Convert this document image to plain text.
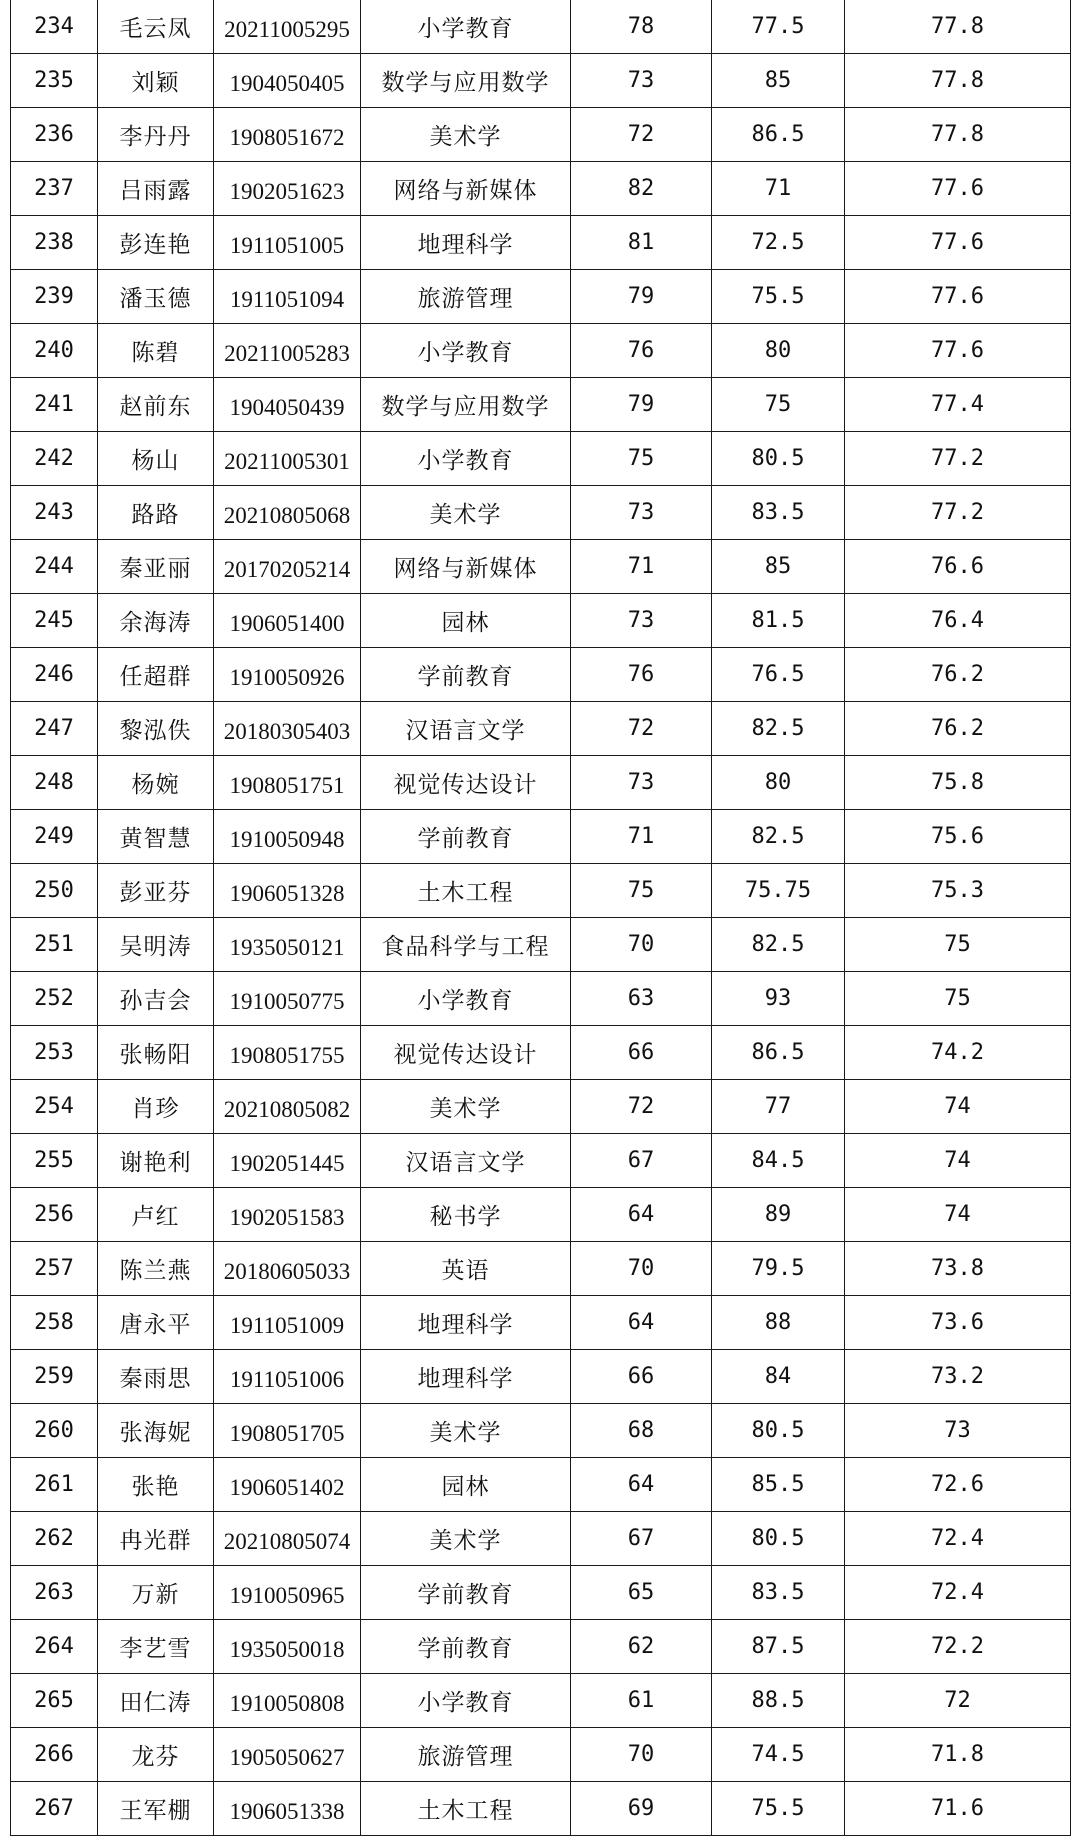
234	毛云凤	20211005295	小学教育	78	77.5	77.8
235	刘颖	1904050405	数学与应用数学	73	85	77.8
236	李丹丹	1908051672	美术学	72	86.5	77.8
237	吕雨露	1902051623	网络与新媒体	82	71	77.6
238	彭连艳	1911051005	地理科学	81	72.5	77.6
239	潘玉德	1911051094	旅游管理	79	75.5	77.6
240	陈碧	20211005283	小学教育	76	80	77.6
241	赵前东	1904050439	数学与应用数学	79	75	77.4
242	杨山	20211005301	小学教育	75	80.5	77.2
243	路路	20210805068	美术学	73	83.5	77.2
244	秦亚丽	20170205214	网络与新媒体	71	85	76.6
245	余海涛	1906051400	园林	73	81.5	76.4
246	任超群	1910050926	学前教育	76	76.5	76.2
247	黎泓佚	20180305403	汉语言文学	72	82.5	76.2
248	杨婉	1908051751	视觉传达设计	73	80	75.8
249	黄智慧	1910050948	学前教育	71	82.5	75.6
250	彭亚芬	1906051328	土木工程	75	75.75	75.3
251	吴明涛	1935050121	食品科学与工程	70	82.5	75
252	孙吉会	1910050775	小学教育	63	93	75
253	张畅阳	1908051755	视觉传达设计	66	86.5	74.2
254	肖珍	20210805082	美术学	72	77	74
255	谢艳利	1902051445	汉语言文学	67	84.5	74
256	卢红	1902051583	秘书学	64	89	74
257	陈兰燕	20180605033	英语	70	79.5	73.8
258	唐永平	1911051009	地理科学	64	88	73.6
259	秦雨思	1911051006	地理科学	66	84	73.2
260	张海妮	1908051705	美术学	68	80.5	73
261	张艳	1906051402	园林	64	85.5	72.6
262	冉光群	20210805074	美术学	67	80.5	72.4
263	万新	1910050965	学前教育	65	83.5	72.4
264	李艺雪	1935050018	学前教育	62	87.5	72.2
265	田仁涛	1910050808	小学教育	61	88.5	72
266	龙芬	1905050627	旅游管理	70	74.5	71.8
267	王军棚	1906051338	土木工程	69	75.5	71.6
